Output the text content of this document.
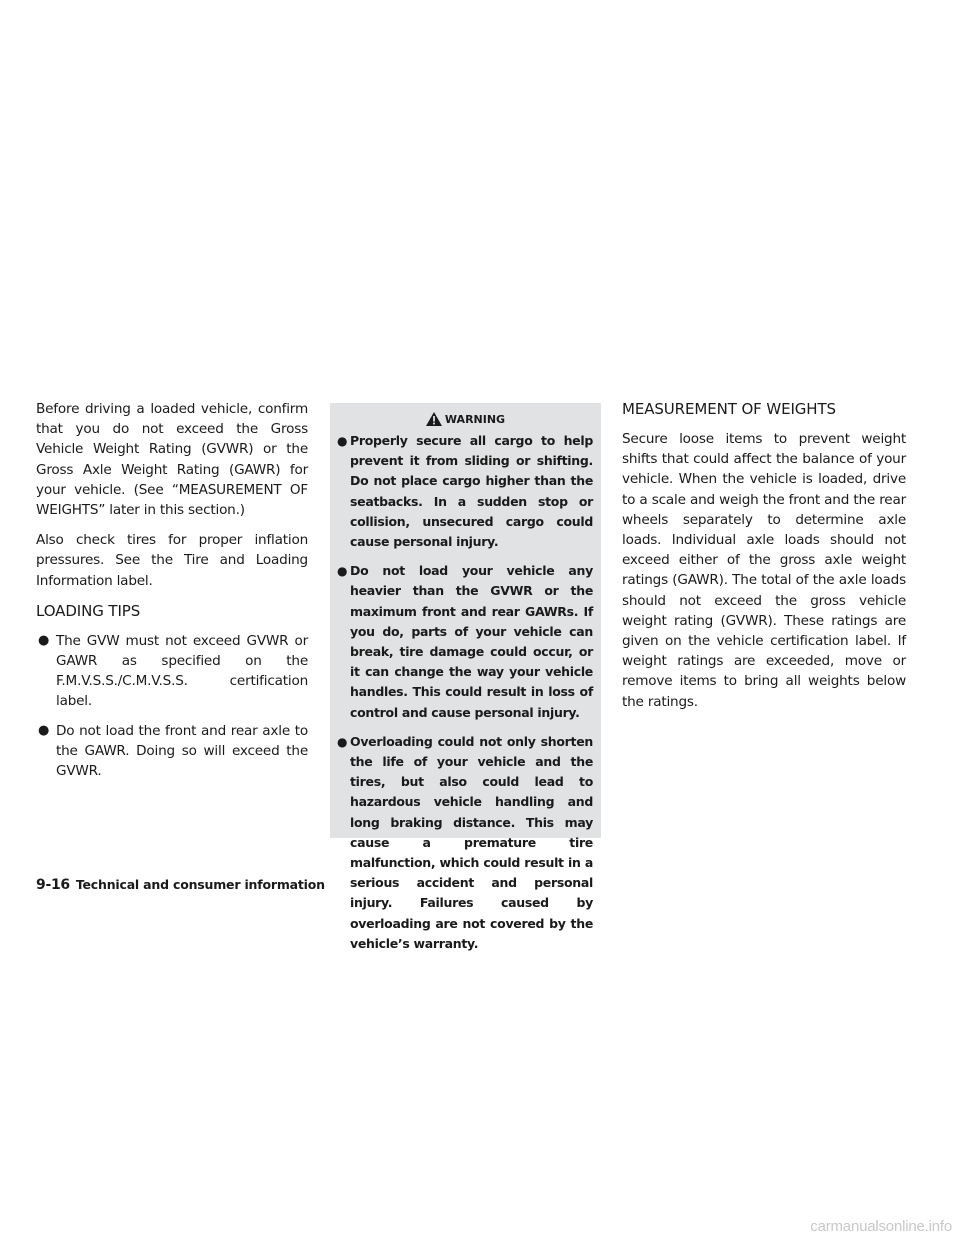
Before driving a loaded vehicle, confirm that you do not exceed the Gross Vehicle Weight Rating (GVWR) or the Gross Axle Weight Rating (GAWR) for your vehicle. (See “MEASUREMENT OF WEIGHTS” later in this section.)

Also check tires for proper inflation pressures. See the Tire and Loading Information label.

LOADING TIPS
● The GVW must not exceed GVWR or GAWR as specified on the F.M.V.S.S./C.M.V.S.S. certification label.
● Do not load the front and rear axle to the GAWR. Doing so will exceed the GVWR.
WARNING
● Properly secure all cargo to help prevent it from sliding or shifting. Do not place cargo higher than the seatbacks. In a sudden stop or collision, unsecured cargo could cause personal injury.
● Do not load your vehicle any heavier than the GVWR or the maximum front and rear GAWRs. If you do, parts of your vehicle can break, tire damage could occur, or it can change the way your vehicle handles. This could result in loss of control and cause personal injury.
● Overloading could not only shorten the life of your vehicle and the tires, but also could lead to hazardous vehicle handling and long braking distance. This may cause a premature tire malfunction, which could result in a serious accident and personal injury. Failures caused by overloading are not covered by the vehicle’s warranty.
MEASUREMENT OF WEIGHTS

Secure loose items to prevent weight shifts that could affect the balance of your vehicle. When the vehicle is loaded, drive to a scale and weigh the front and the rear wheels separately to determine axle loads. Individual axle loads should not exceed either of the gross axle weight ratings (GAWR). The total of the axle loads should not exceed the gross vehicle weight rating (GVWR). These ratings are given on the vehicle certification label. If weight ratings are exceeded, move or remove items to bring all weights below the ratings.

9-16 Technical and consumer information
carmanualsonline.info
